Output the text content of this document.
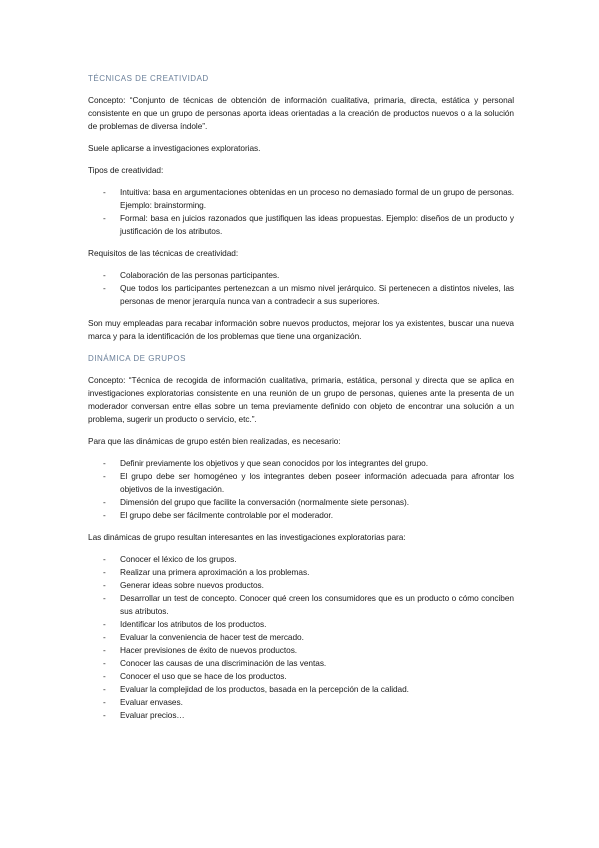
TÉCNICAS DE CREATIVIDAD

Concepto: “Conjunto de técnicas de obtención de información cualitativa, primaria, directa, estática y personal consistente en que un grupo de personas aporta ideas orientadas a la creación de productos nuevos o a la solución de problemas de diversa índole”.

Suele aplicarse a investigaciones exploratorias.

Tipos de creatividad:

- Intuitiva: basa en argumentaciones obtenidas en un proceso no demasiado formal de un grupo de personas. Ejemplo: brainstorming.
- Formal: basa en juicios razonados que justifiquen las ideas propuestas. Ejemplo: diseños de un producto y justificación de los atributos.

Requisitos de las técnicas de creatividad:

- Colaboración de las personas participantes.
- Que todos los participantes pertenezcan a un mismo nivel jerárquico. Si pertenecen a distintos niveles, las personas de menor jerarquía nunca van a contradecir a sus superiores.

Son muy empleadas para recabar información sobre nuevos productos, mejorar los ya existentes, buscar una nueva marca y para la identificación de los problemas que tiene una organización.

DINÁMICA DE GRUPOS

Concepto: “Técnica de recogida de información cualitativa, primaria, estática, personal y directa que se aplica en investigaciones exploratorias consistente en una reunión de un grupo de personas, quienes ante la presenta de un moderador conversan entre ellas sobre un tema previamente definido con objeto de encontrar una solución a un problema, sugerir un producto o servicio, etc.”.

Para que las dinámicas de grupo estén bien realizadas, es necesario:

- Definir previamente los objetivos y que sean conocidos por los integrantes del grupo.
- El grupo debe ser homogéneo y los integrantes deben poseer información adecuada para afrontar los objetivos de la investigación.
- Dimensión del grupo que facilite la conversación (normalmente siete personas).
- El grupo debe ser fácilmente controlable por el moderador.

Las dinámicas de grupo resultan interesantes en las investigaciones exploratorias para:

- Conocer el léxico de los grupos.
- Realizar una primera aproximación a los problemas.
- Generar ideas sobre nuevos productos.
- Desarrollar un test de concepto. Conocer qué creen los consumidores que es un producto o cómo conciben sus atributos.
- Identificar los atributos de los productos.
- Evaluar la conveniencia de hacer test de mercado.
- Hacer previsiones de éxito de nuevos productos.
- Conocer las causas de una discriminación de las ventas.
- Conocer el uso que se hace de los productos.
- Evaluar la complejidad de los productos, basada en la percepción de la calidad.
- Evaluar envases.
- Evaluar precios…
